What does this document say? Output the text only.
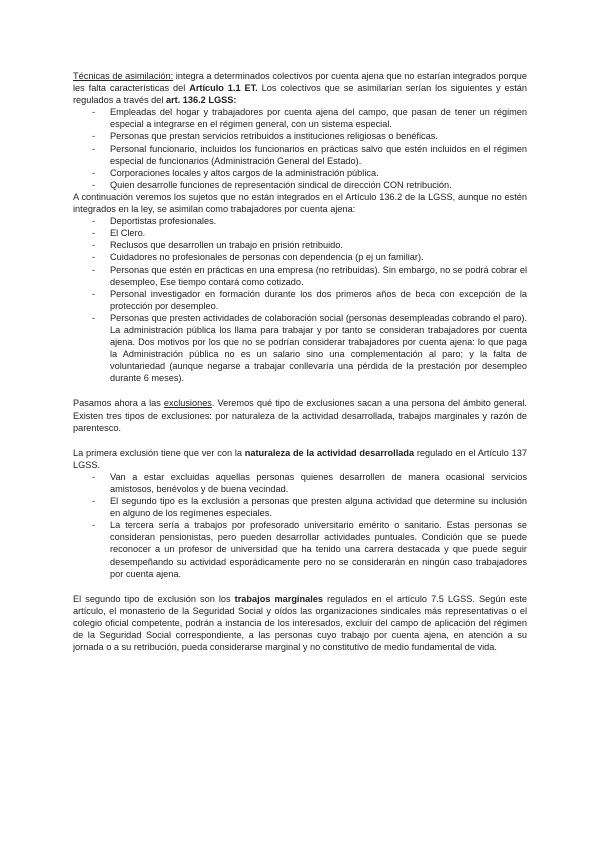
Técnicas de asimilación: integra a determinados colectivos por cuenta ajena que no estarían integrados porque les falta características del Artículo 1.1 ET. Los colectivos que se asimilarían serían los siguientes y están regulados a través del art. 136.2 LGSS:

- Empleadas del hogar y trabajadores por cuenta ajena del campo, que pasan de tener un régimen especial a integrarse en el régimen general, con un sistema especial.
- Personas que prestan servicios retribuidos a instituciones religiosas o benéficas.
- Personal funcionario, incluidos los funcionarios en prácticas salvo que estén incluidos en el régimen especial de funcionarios (Administración General del Estado).
- Corporaciones locales y altos cargos de la administración pública.
- Quien desarrolle funciones de representación sindical de dirección CON retribución.

A continuación veremos los sujetos que no están integrados en el Artículo 136.2 de la LGSS, aunque no estén integrados en la ley, se asimilan como trabajadores por cuenta ajena:

- Deportistas profesionales.
- El Clero.
- Reclusos que desarrollen un trabajo en prisión retribuido.
- Cuidadores no profesionales de personas con dependencia (p ej un familiar).
- Personas que estén en prácticas en una empresa (no retribuidas). Sin embargo, no se podrá cobrar el desempleo, Ese tiempo contará como cotizado.
- Personal investigador en formación durante los dos primeros años de beca con excepción de la protección por desempleo.
- Personas que presten actividades de colaboración social (personas desempleadas cobrando el paro). La administración pública los llama para trabajar y por tanto se consideran trabajadores por cuenta ajena. Dos motivos por los que no se podrían considerar trabajadores por cuenta ajena: lo que paga la Administración pública no es un salario sino una complementación al paro; y la falta de voluntariedad (aunque negarse a trabajar conllevaría una pérdida de la prestación por desempleo durante 6 meses).

Pasamos ahora a las exclusiones. Veremos qué tipo de exclusiones sacan a una persona del ámbito general. Existen tres tipos de exclusiones: por naturaleza de la actividad desarrollada, trabajos marginales y razón de parentesco.

La primera exclusión tiene que ver con la naturaleza de la actividad desarrollada regulado en el Artículo 137 LGSS.

- Van a estar excluidas aquellas personas quienes desarrollen de manera ocasional servicios amistosos, benévolos y de buena vecindad.
- El segundo tipo es la exclusión a personas que presten alguna actividad que determine su inclusión en alguno de los regímenes especiales.
- La tercera sería a trabajos por profesorado universitario emérito o sanitario. Estas personas se consideran pensionistas, pero pueden desarrollar actividades puntuales. Condición que se puede reconocer a un profesor de universidad que ha tenido una carrera destacada y que puede seguir desempeñando su actividad esporádicamente pero no se considerarán en ningún caso trabajadores por cuenta ajena.

El segundo tipo de exclusión son los trabajos marginales regulados en el artículo 7.5 LGSS. Según este artículo, el monasterio de la Seguridad Social y oídos las organizaciones sindicales más representativas o el colegio oficial competente, podrán a instancia de los interesados, excluir del campo de aplicación del régimen de la Seguridad Social correspondiente, a las personas cuyo trabajo por cuenta ajena, en atención a su jornada o a su retribución, pueda considerarse marginal y no constitutivo de medio fundamental de vida.
